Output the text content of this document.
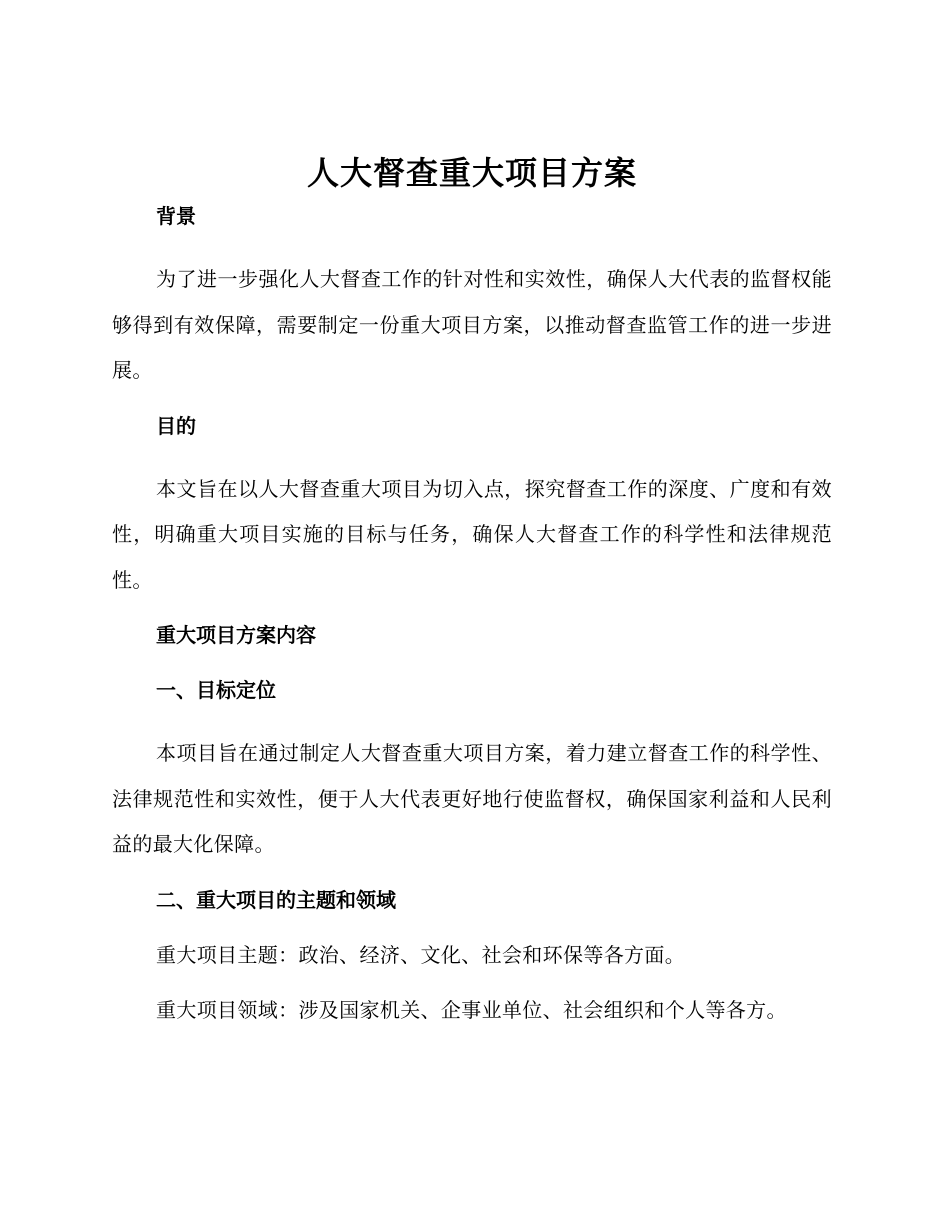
人大督查重大项目方案
背景

为了进一步强化人大督查工作的针对性和实效性，确保人大代表的监督权能够得到有效保障，需要制定一份重大项目方案，以推动督查监管工作的进一步进展。

目的

本文旨在以人大督查重大项目为切入点，探究督查工作的深度、广度和有效性，明确重大项目实施的目标与任务，确保人大督查工作的科学性和法律规范性。

重大项目方案内容
一、目标定位

本项目旨在通过制定人大督查重大项目方案，着力建立督查工作的科学性、法律规范性和实效性，便于人大代表更好地行使监督权，确保国家利益和人民利益的最大化保障。

二、重大项目的主题和领域
重大项目主题：政治、经济、文化、社会和环保等各方面。
重大项目领域：涉及国家机关、企事业单位、社会组织和个人等各方。
